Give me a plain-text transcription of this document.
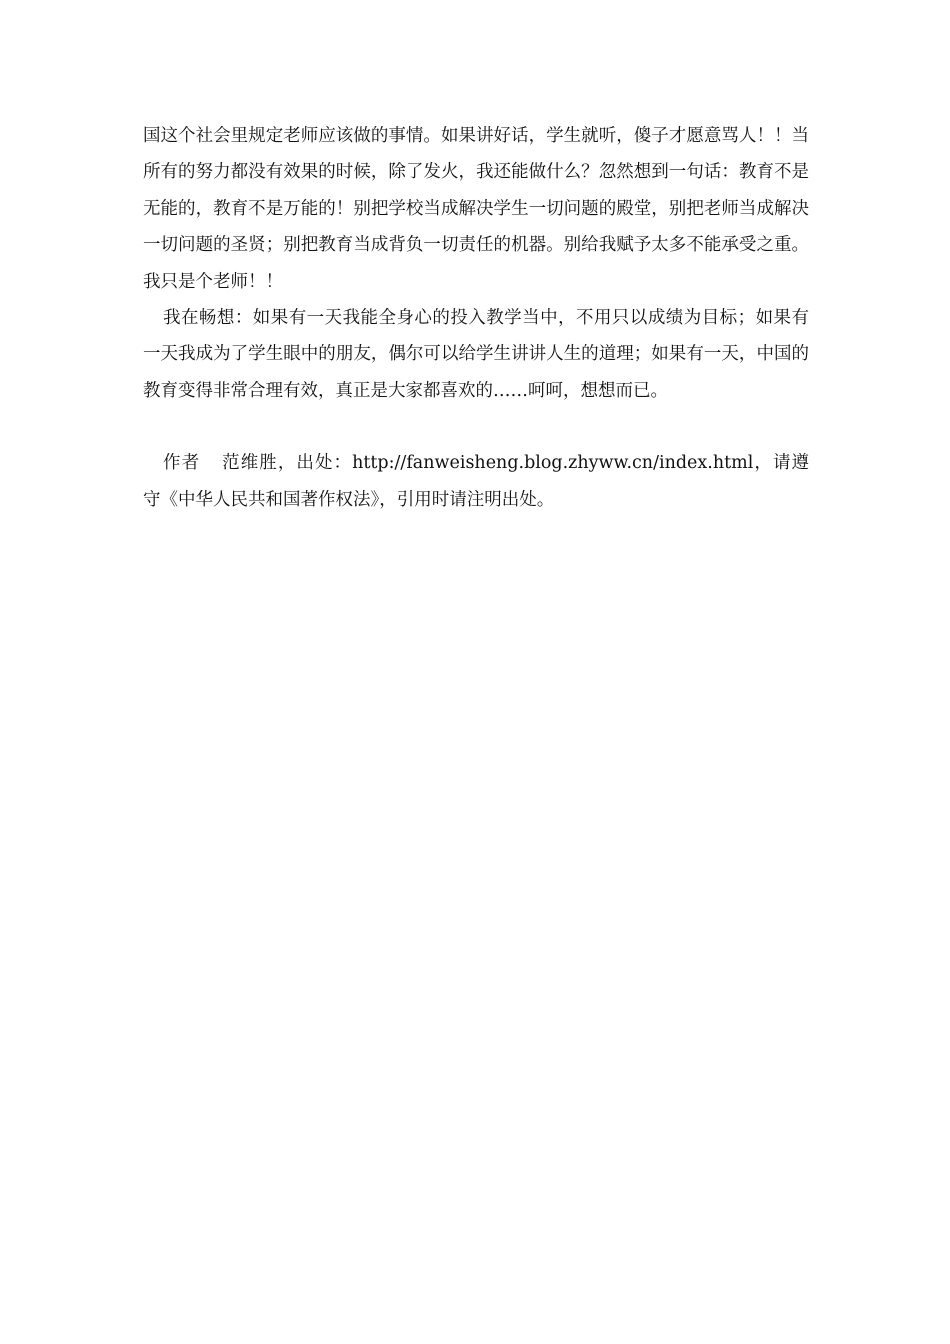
国这个社会里规定老师应该做的事情。如果讲好话，学生就听，傻子才愿意骂人！！当所有的努力都没有效果的时候，除了发火，我还能做什么？忽然想到一句话：教育不是无能的，教育不是万能的！别把学校当成解决学生一切问题的殿堂，别把老师当成解决一切问题的圣贤；别把教育当成背负一切责任的机器。别给我赋予太多不能承受之重。我只是个老师！！

我在畅想：如果有一天我能全身心的投入教学当中，不用只以成绩为目标；如果有一天我成为了学生眼中的朋友，偶尔可以给学生讲讲人生的道理；如果有一天，中国的教育变得非常合理有效，真正是大家都喜欢的……呵呵，想想而已。

作者 范维胜，出处：http://fanweisheng.blog.zhyww.cn/index.html，请遵守《中华人民共和国著作权法》，引用时请注明出处。
